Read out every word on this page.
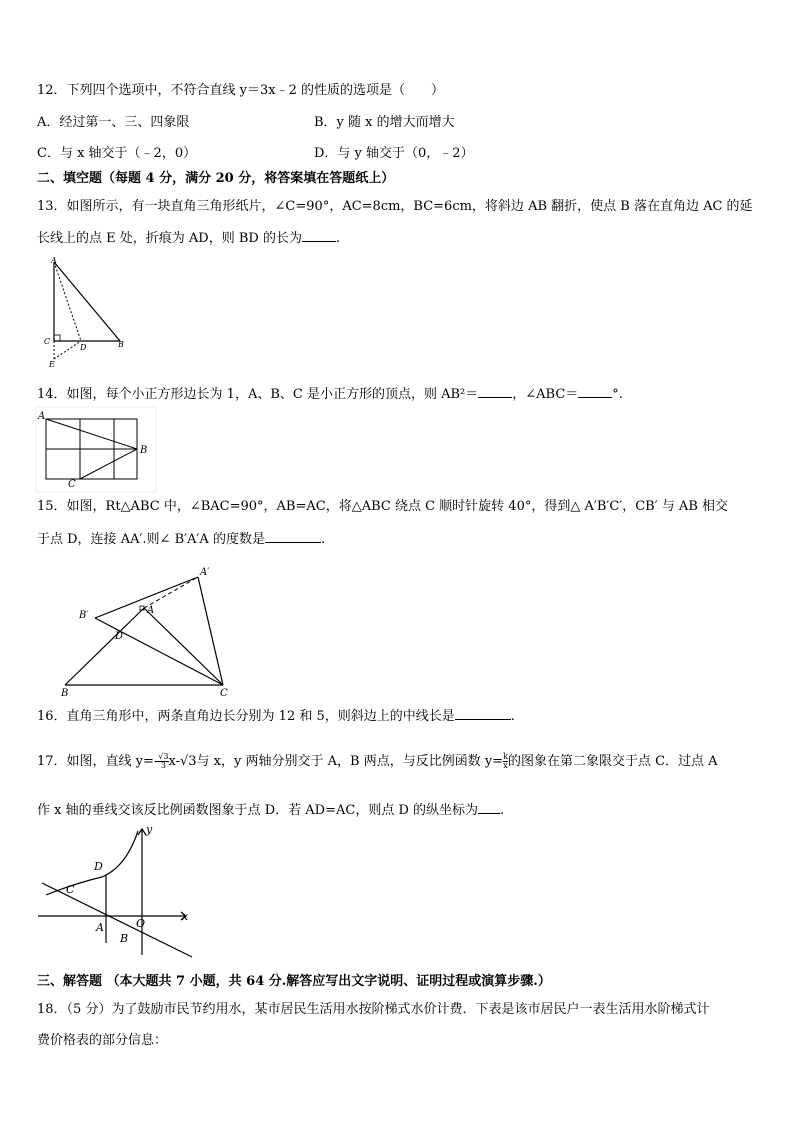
12．下列四个选项中，不符合直线 y＝3x﹣2 的性质的选项是（　　）
A．经过第一、三、四象限	B．y 随 x 的增大而增大
C．与 x 轴交于（﹣2，0）	D．与 y 轴交于（0，﹣2）
二、填空题（每题 4 分，满分 20 分，将答案填在答题纸上）
13．如图所示，有一块直角三角形纸片，∠C=90°，AC=8cm，BC=6cm，将斜边 AB 翻折，使点 B 落在直角边 AC 的延
长线上的点 E 处，折痕为 AD，则 BD 的长为	.
A
C
D	B
E
14．如图，每个小正方形边长为 1，A、B、C 是小正方形的顶点，则 AB²＝	，∠ABC＝	°.
A
B
C
15．如图，Rt△ABC 中，∠BAC=90°，AB=AC，将△ABC 绕点 C 顺时针旋转 40°，得到△ A′B′C′，CB′ 与 AB 相交
于点 D，连接 AA′.则∠ B′A′A 的度数是	.
A′
B′	A
D
B	C
16．直角三角形中，两条直角边长分别为 12 和 5，则斜边上的中线长是	.
17．如图，直线 $y=- \frac{√3}{3} x-√3$与 x，y 两轴分别交于 A，B 两点，与反比例函数 $y= \frac{k}{x}$ 的图象在第二象限交于点 C．过点 A
作 x 轴的垂线交该反比例函数图象于点 D．若 AD=AC，则点 D 的纵坐标为 .
y
x
D
C
A	O
B
三、解答题 （本大题共 7 小题，共 64 分.解答应写出文字说明、证明过程或演算步骤.）
18．（5 分）为了鼓励市民节约用水，某市居民生活用水按阶梯式水价计费．下表是该市居民户一表生活用水阶梯式计
费价格表的部分信息：
